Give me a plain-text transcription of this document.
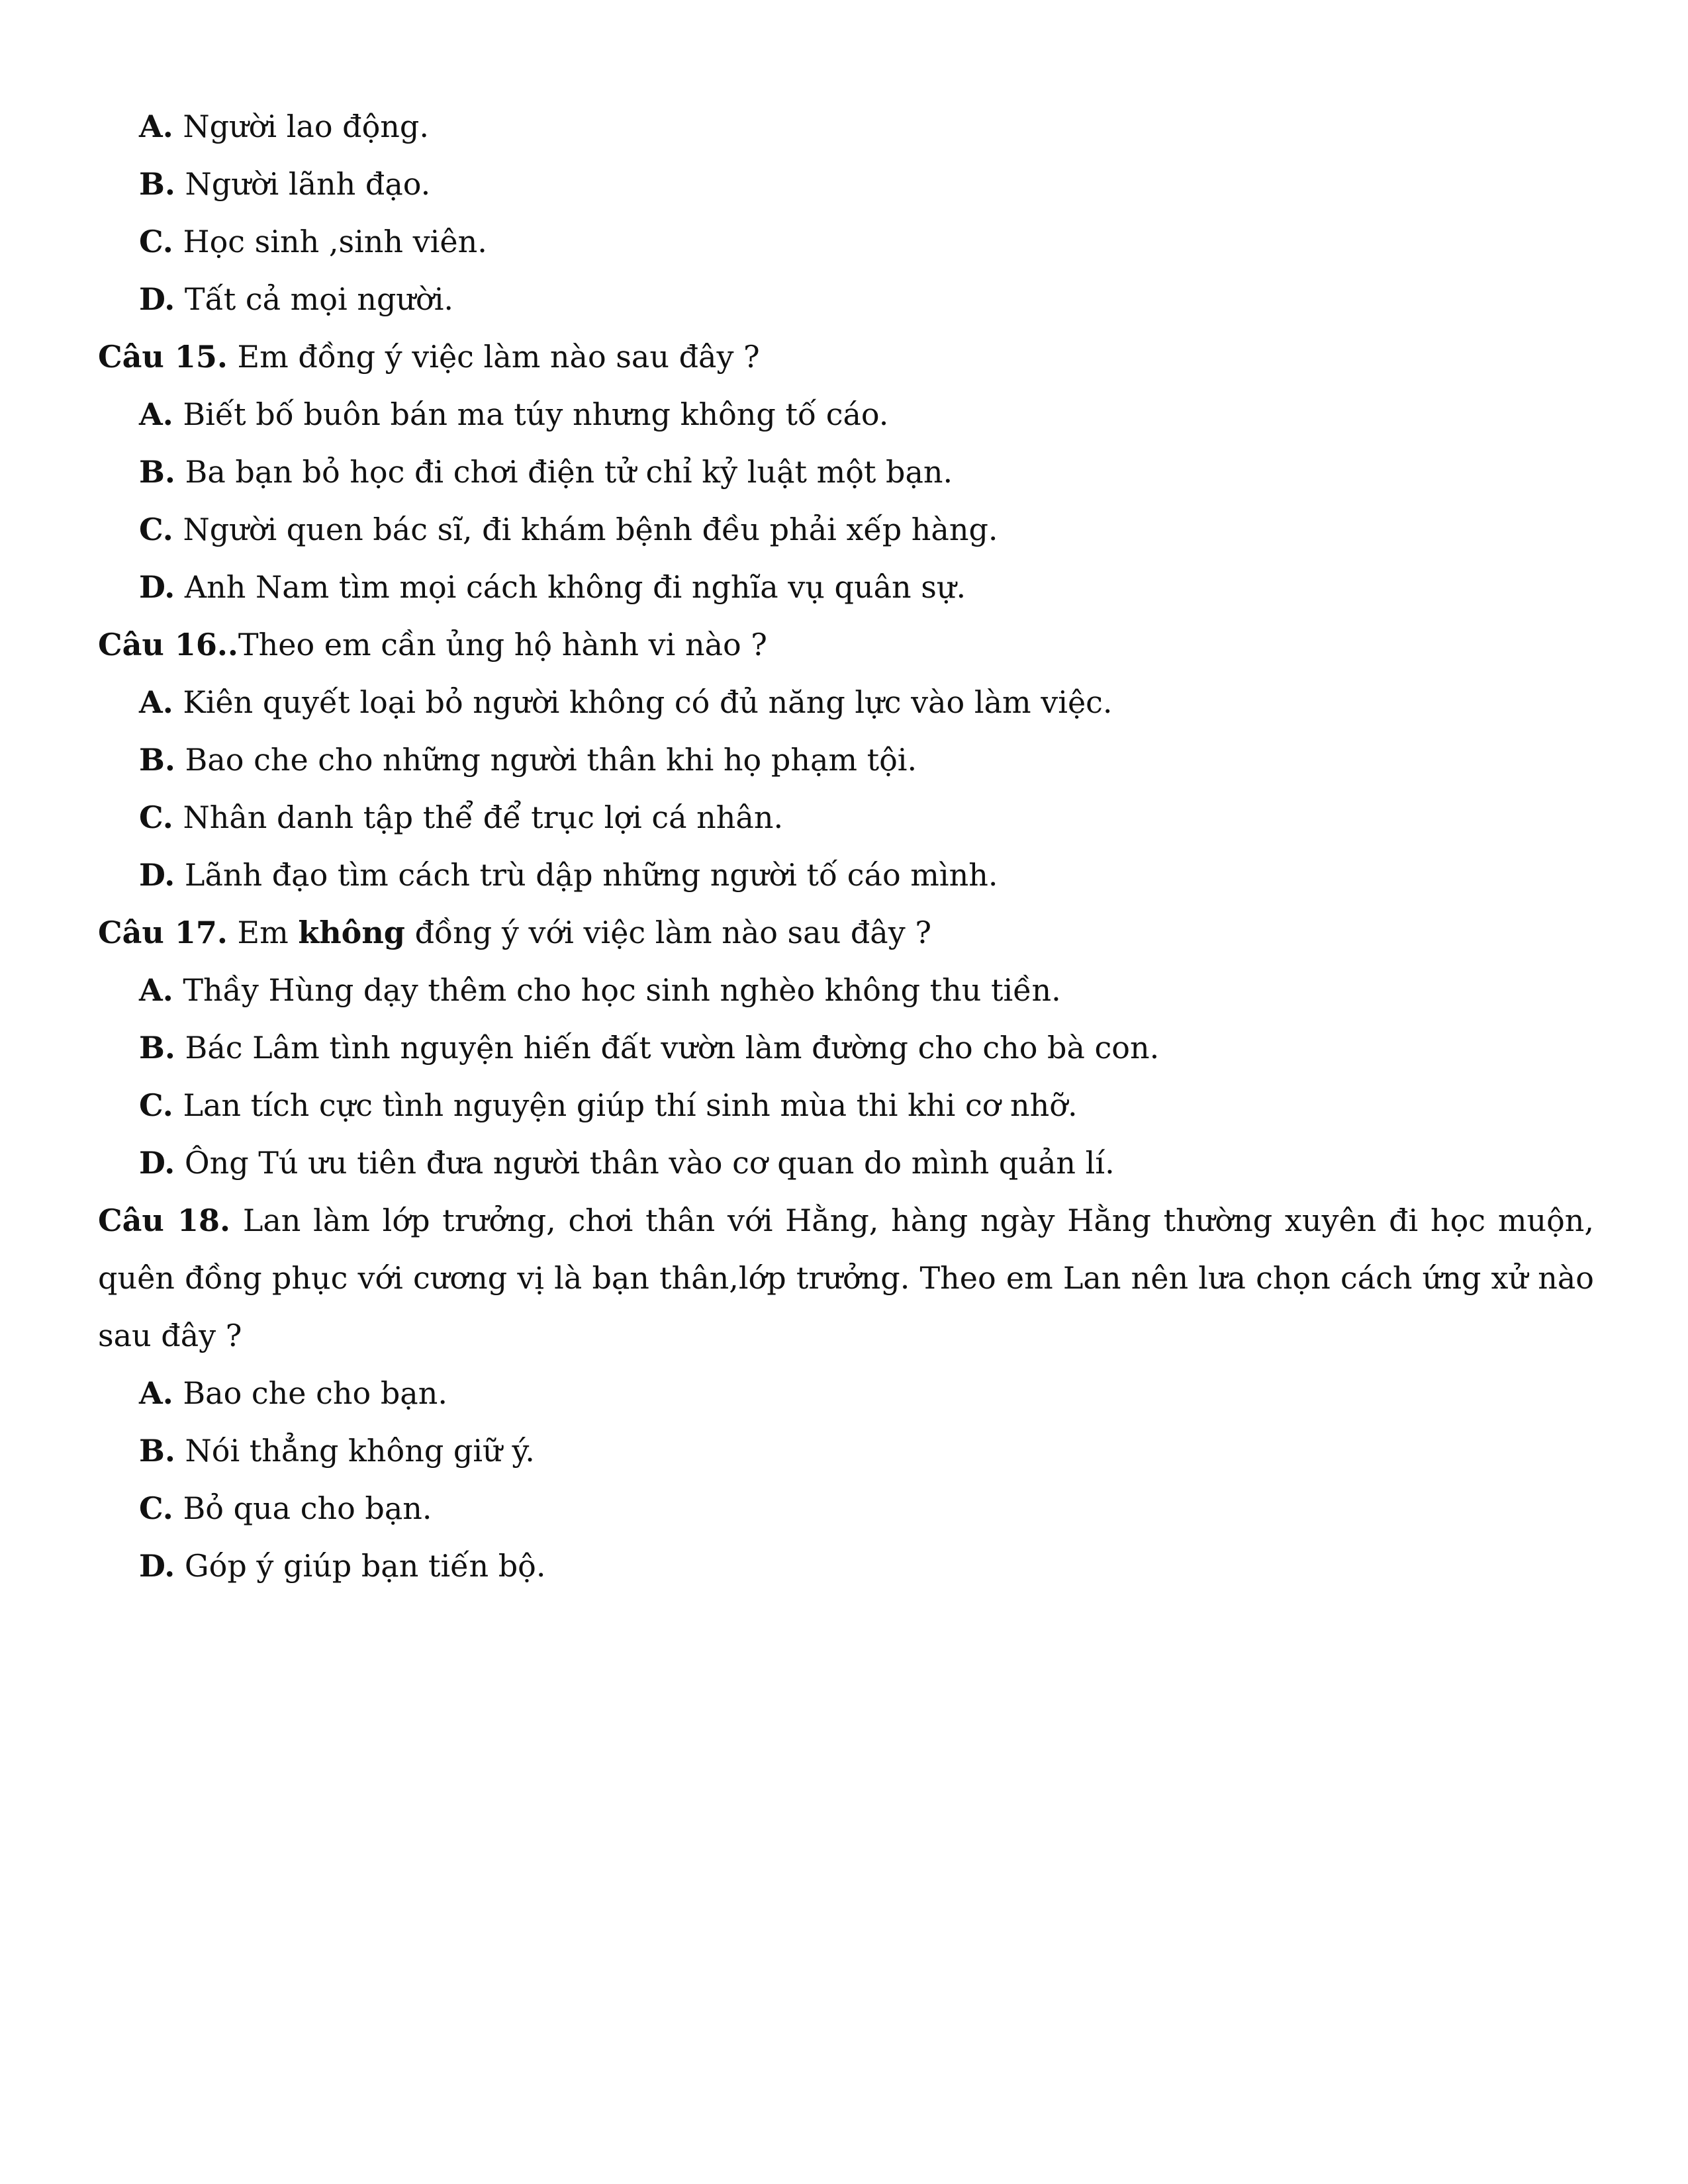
A. Người lao động.
B. Người lãnh đạo.
C. Học sinh ,sinh viên.
D. Tất cả mọi người.
Câu 15. Em đồng ý việc làm nào sau đây ?
A. Biết bố buôn bán ma túy nhưng không tố cáo.
B. Ba bạn bỏ học đi chơi điện tử chỉ kỷ luật một bạn.
C. Người quen bác sĩ, đi khám bệnh đều phải xếp hàng.
D. Anh Nam tìm mọi cách không đi nghĩa vụ quân sự.
Câu 16..Theo em cần ủng hộ hành vi nào ?
A. Kiên quyết loại bỏ người không có đủ năng lực vào làm việc.
B. Bao che cho những người thân khi họ phạm tội.
C. Nhân danh tập thể để trục lợi cá nhân.
D. Lãnh đạo tìm cách trù dập những người tố cáo mình.
Câu 17. Em không đồng ý với việc làm nào sau đây ?
A. Thầy Hùng dạy thêm cho học sinh nghèo không thu tiền.
B. Bác Lâm tình nguyện hiến đất vườn làm đường cho cho bà con.
C. Lan tích cực tình nguyện giúp thí sinh mùa thi khi cơ nhỡ.
D. Ông Tú ưu tiên đưa người thân vào cơ quan do mình quản lí.
Câu 18. Lan làm lớp trưởng, chơi thân với Hằng, hàng ngày Hằng thường xuyên đi học muộn, quên đồng phục với cương vị là bạn thân,lớp trưởng. Theo em Lan nên lưa chọn cách ứng xử nào sau đây ?
A. Bao che cho bạn.
B. Nói thẳng không giữ ý.
C. Bỏ qua cho bạn.
D. Góp ý giúp bạn tiến bộ.
